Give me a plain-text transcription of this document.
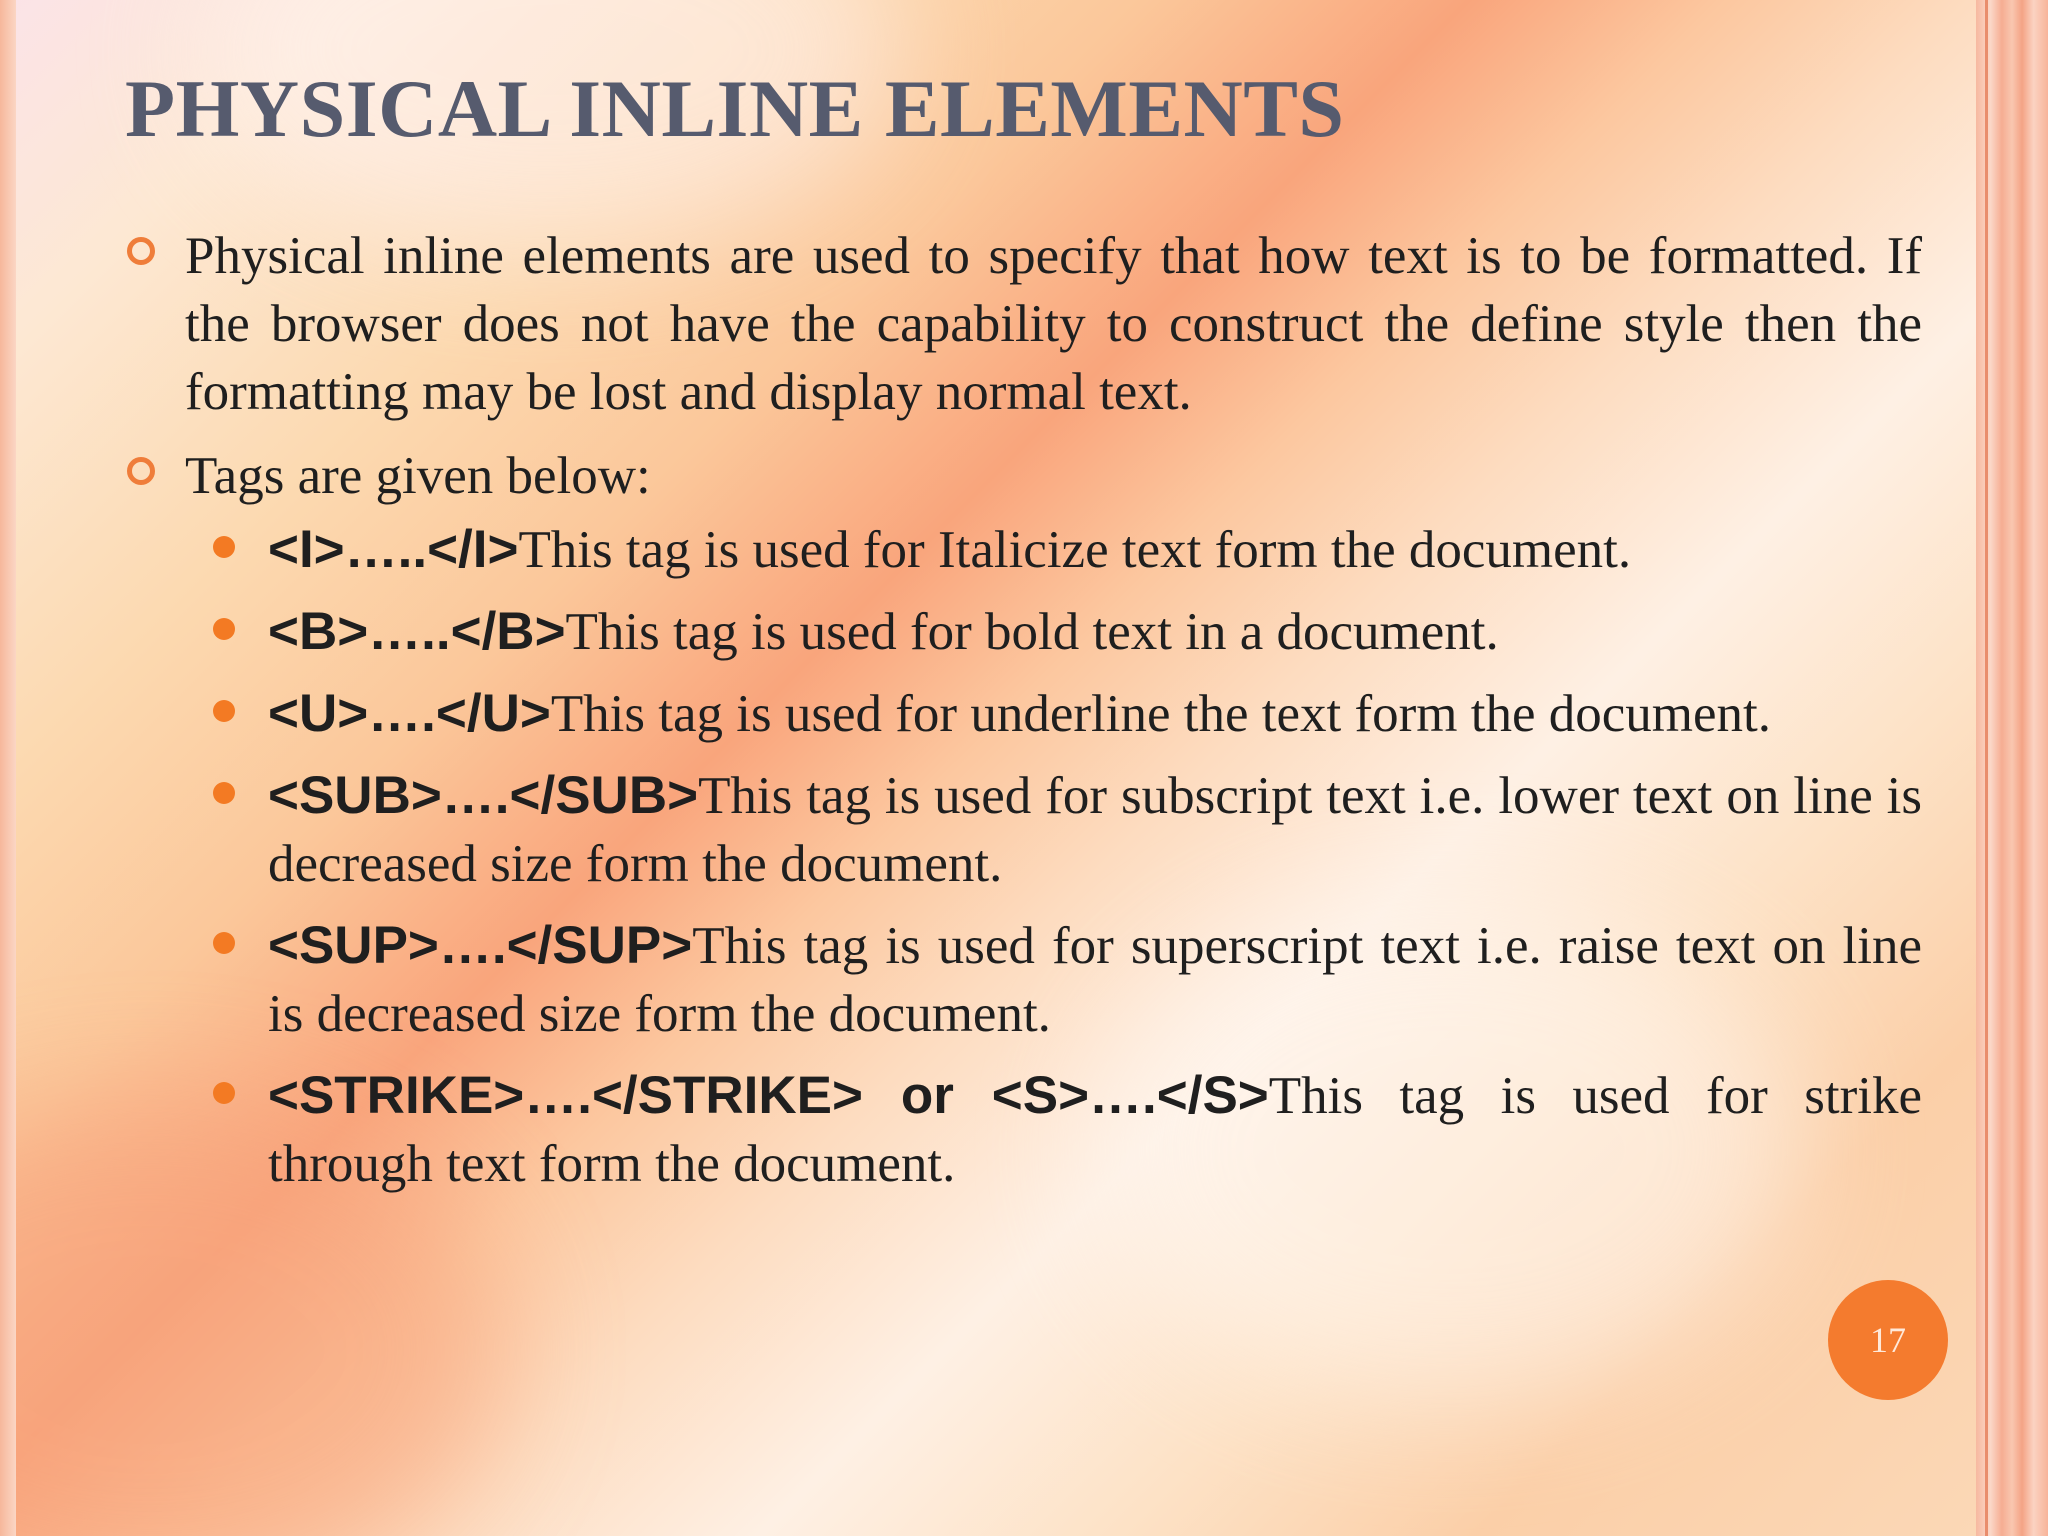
PHYSICAL INLINE ELEMENTS
Physical inline elements are used to specify that how text is to be formatted. If the browser does not have the capability to construct the define style then the formatting may be lost and display normal text.
Tags are given below:
<I>…..</I>This tag is used for Italicize text form the document.
<B>…..</B>This tag is used for bold text in a document.
<U>….</U>This tag is used for underline the text form the document.
<SUB>….</SUB>This tag is used for subscript text i.e. lower text on line is decreased size form the document.
<SUP>….</SUP>This tag is used for superscript text i.e. raise text on line is decreased size form the document.
<STRIKE>….</STRIKE> or <S>….</S>This tag is used for strike through text form the document.
17
